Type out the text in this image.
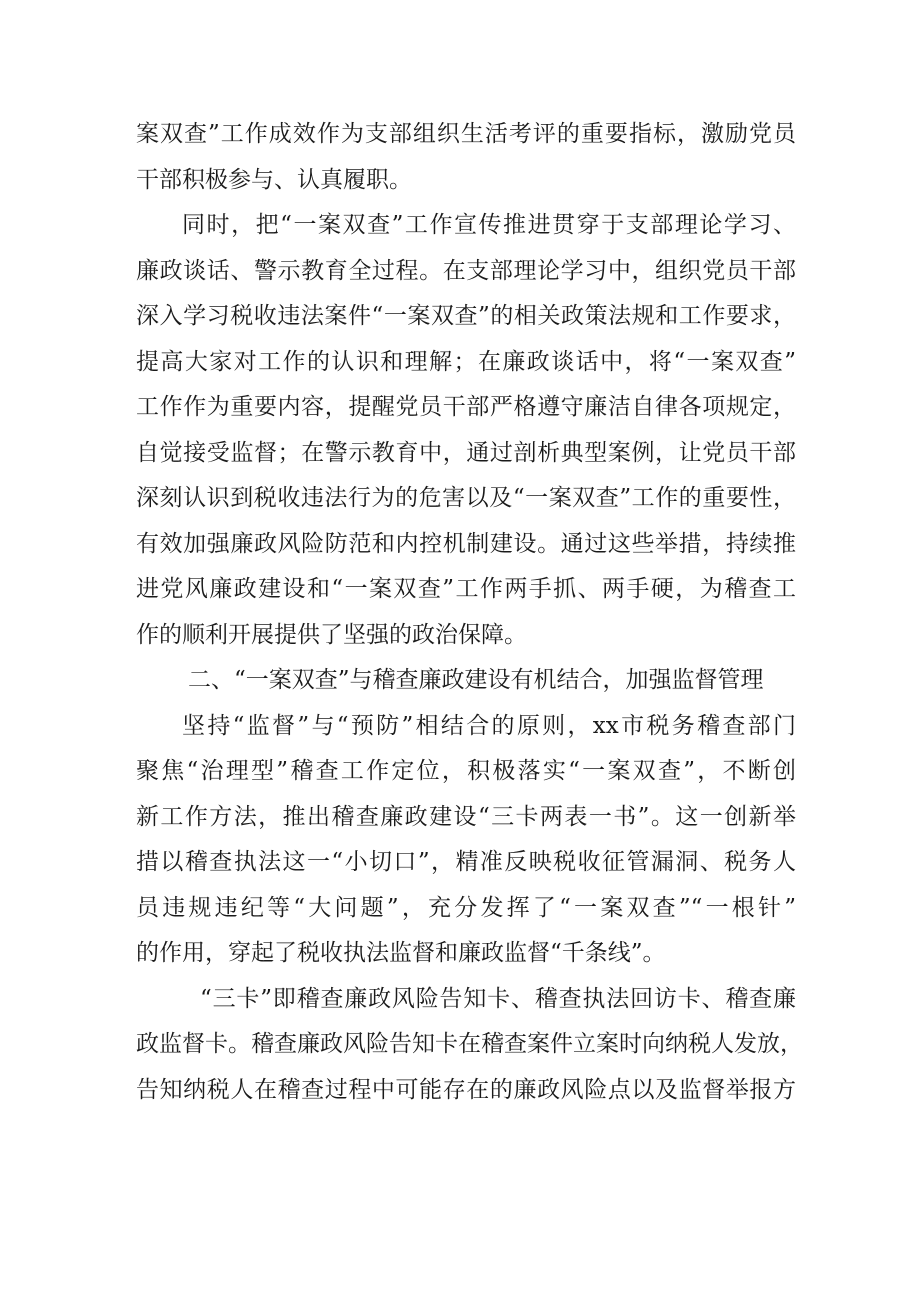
案双查”工作成效作为支部组织生活考评的重要指标，激励党员
干部积极参与、认真履职。
同时，把“一案双查”工作宣传推进贯穿于支部理论学习、
廉政谈话、警示教育全过程。在支部理论学习中，组织党员干部
深入学习税收违法案件“一案双查”的相关政策法规和工作要求，
提高大家对工作的认识和理解；在廉政谈话中，将“一案双查”
工作作为重要内容，提醒党员干部严格遵守廉洁自律各项规定，
自觉接受监督；在警示教育中，通过剖析典型案例，让党员干部
深刻认识到税收违法行为的危害以及“一案双查”工作的重要性，
有效加强廉政风险防范和内控机制建设。通过这些举措，持续推
进党风廉政建设和“一案双查”工作两手抓、两手硬，为稽查工
作的顺利开展提供了坚强的政治保障。
二、“一案双查”与稽查廉政建设有机结合，加强监督管理
坚持“监督”与“预防”相结合的原则，xx市税务稽查部门
聚焦“治理型”稽查工作定位，积极落实“一案双查”，不断创
新工作方法，推出稽查廉政建设“三卡两表一书”。这一创新举
措以稽查执法这一“小切口”，精准反映税收征管漏洞、税务人
员违规违纪等“大问题”，充分发挥了“一案双查”“一根针”
的作用，穿起了税收执法监督和廉政监督“千条线”。
“三卡”即稽查廉政风险告知卡、稽查执法回访卡、稽查廉
政监督卡。稽查廉政风险告知卡在稽查案件立案时向纳税人发放，
告知纳税人在稽查过程中可能存在的廉政风险点以及监督举报方
